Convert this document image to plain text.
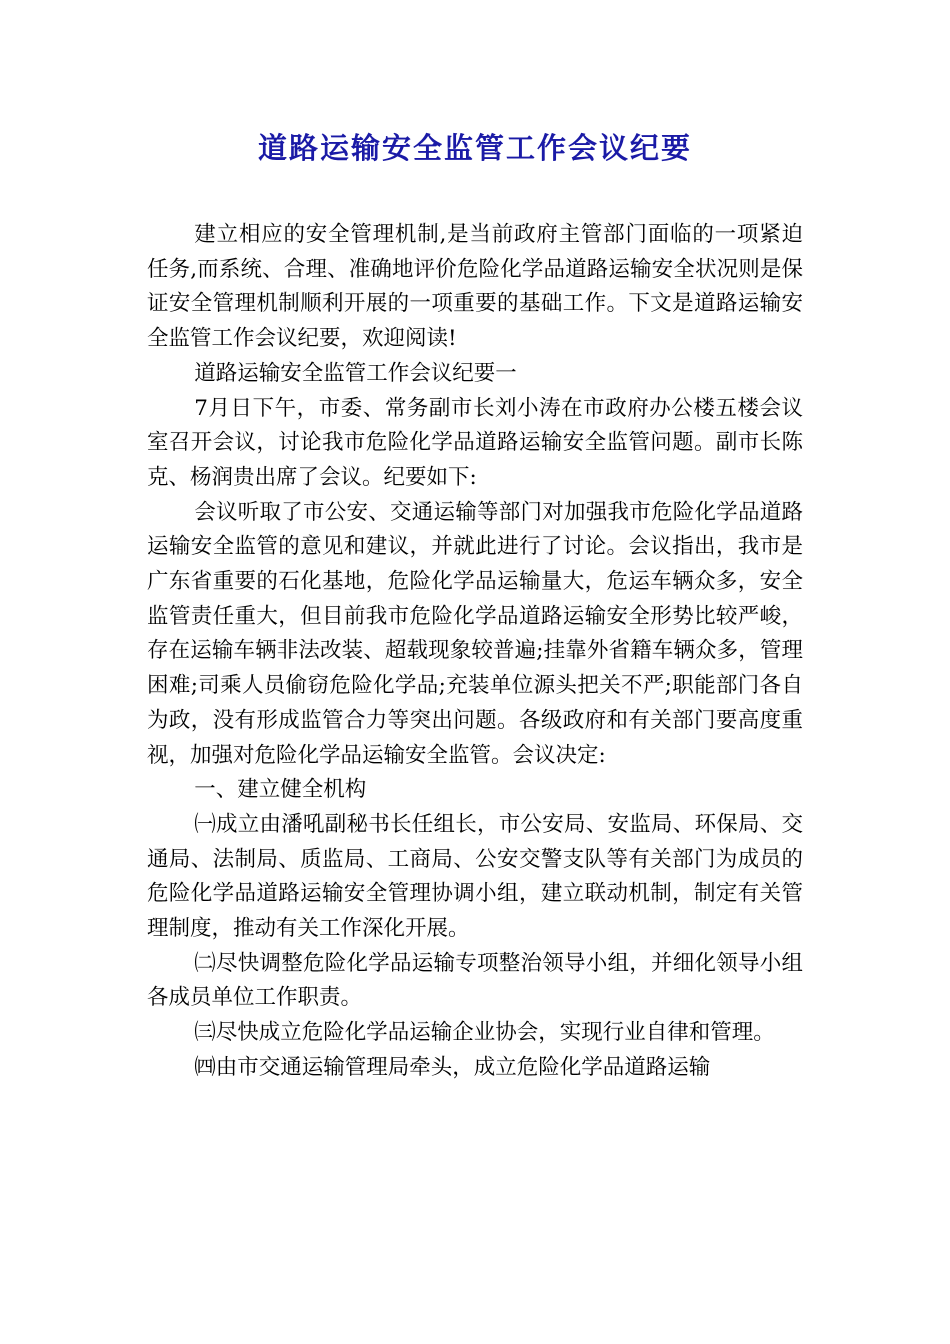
道路运输安全监管工作会议纪要

建立相应的安全管理机制,是当前政府主管部门面临的一项紧迫任务,而系统、合理、准确地评价危险化学品道路运输安全状况则是保证安全管理机制顺利开展的一项重要的基础工作。下文是道路运输安全监管工作会议纪要，欢迎阅读!

道路运输安全监管工作会议纪要一

7月日下午，市委、常务副市长刘小涛在市政府办公楼五楼会议室召开会议，讨论我市危险化学品道路运输安全监管问题。副市长陈克、杨润贵出席了会议。纪要如下:

会议听取了市公安、交通运输等部门对加强我市危险化学品道路运输安全监管的意见和建议，并就此进行了讨论。会议指出，我市是广东省重要的石化基地，危险化学品运输量大，危运车辆众多，安全监管责任重大，但目前我市危险化学品道路运输安全形势比较严峻，存在运输车辆非法改装、超载现象较普遍;挂靠外省籍车辆众多，管理困难;司乘人员偷窃危险化学品;充装单位源头把关不严;职能部门各自为政，没有形成监管合力等突出问题。各级政府和有关部门要高度重视，加强对危险化学品运输安全监管。会议决定:

一、建立健全机构

㈠成立由潘吼副秘书长任组长，市公安局、安监局、环保局、交通局、法制局、质监局、工商局、公安交警支队等有关部门为成员的危险化学品道路运输安全管理协调小组，建立联动机制，制定有关管理制度，推动有关工作深化开展。

㈡尽快调整危险化学品运输专项整治领导小组，并细化领导小组各成员单位工作职责。

㈢尽快成立危险化学品运输企业协会，实现行业自律和管理。

㈣由市交通运输管理局牵头，成立危险化学品道路运输
